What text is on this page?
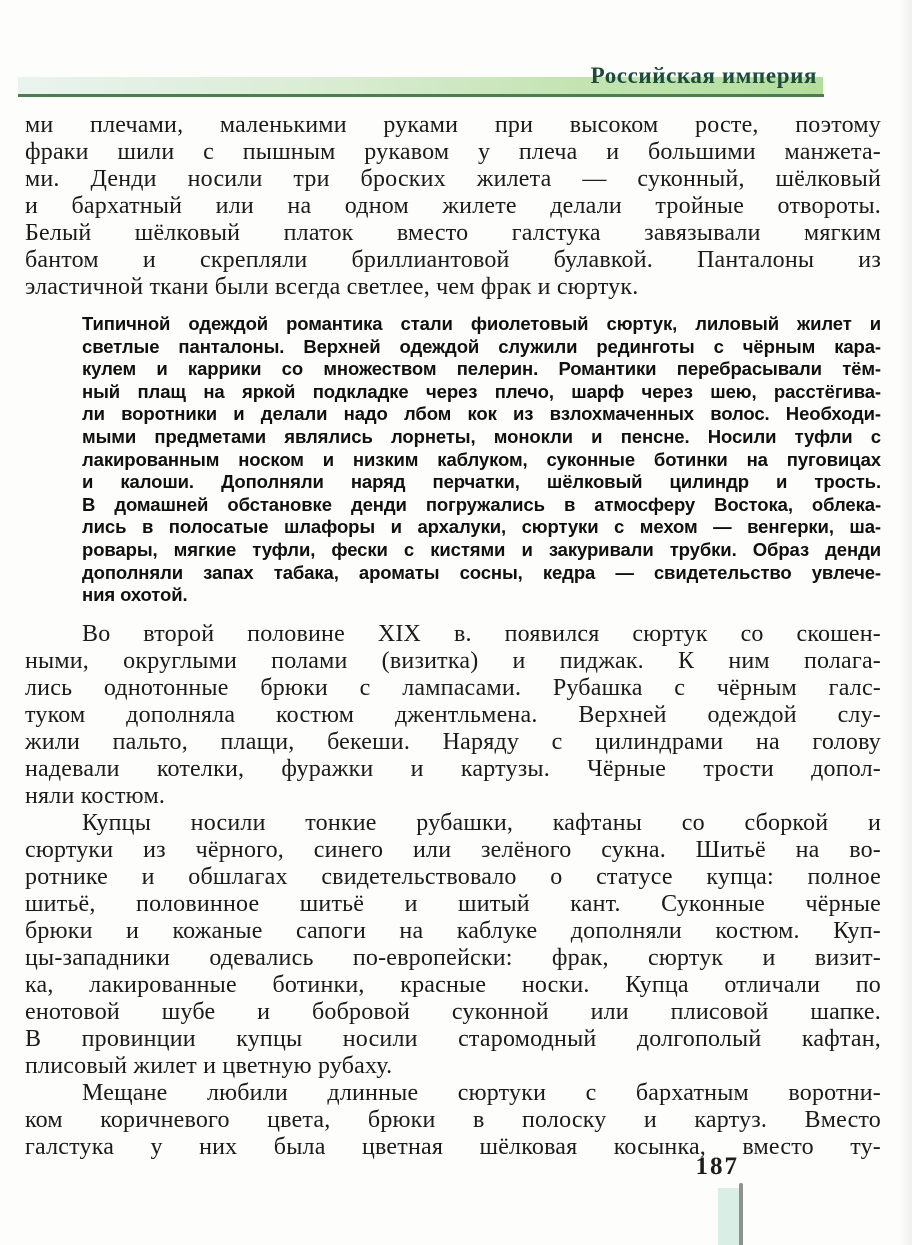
Российская империя
ми плечами, маленькими руками при высоком росте, поэтому
фраки шили с пышным рукавом у плеча и большими манжета-
ми. Денди носили три броских жилета — суконный, шёлковый
и бархатный или на одном жилете делали тройные отвороты.
Белый шёлковый платок вместо галстука завязывали мягким
бантом и скрепляли бриллиантовой булавкой. Панталоны из
эластичной ткани были всегда светлее, чем фрак и сюртук.
Типичной одеждой романтика стали фиолетовый сюртук, лиловый жилет и
светлые панталоны. Верхней одеждой служили рединготы с чёрным кара-
кулем и каррики со множеством пелерин. Романтики перебрасывали тём-
ный плащ на яркой подкладке через плечо, шарф через шею, расстёгива-
ли воротники и делали надо лбом кок из взлохмаченных волос. Необходи-
мыми предметами являлись лорнеты, монокли и пенсне. Носили туфли с
лакированным носком и низким каблуком, суконные ботинки на пуговицах
и калоши. Дополняли наряд перчатки, шёлковый цилиндр и трость.
В домашней обстановке денди погружались в атмосферу Востока, облека-
лись в полосатые шлафоры и архалуки, сюртуки с мехом — венгерки, ша-
ровары, мягкие туфли, фески с кистями и закуривали трубки. Образ денди
дополняли запах табака, ароматы сосны, кедра — свидетельство увлече-
ния охотой.
Во второй половине XIX в. появился сюртук со скошен-
ными, округлыми полами (визитка) и пиджак. К ним полага-
лись однотонные брюки с лампасами. Рубашка с чёрным галс-
туком дополняла костюм джентльмена. Верхней одеждой слу-
жили пальто, плащи, бекеши. Наряду с цилиндрами на голову
надевали котелки, фуражки и картузы. Чёрные трости допол-
няли костюм.
Купцы носили тонкие рубашки, кафтаны со сборкой и
сюртуки из чёрного, синего или зелёного сукна. Шитьё на во-
ротнике и обшлагах свидетельствовало о статусе купца: полное
шитьё, половинное шитьё и шитый кант. Суконные чёрные
брюки и кожаные сапоги на каблуке дополняли костюм. Куп-
цы-западники одевались по-европейски: фрак, сюртук и визит-
ка, лакированные ботинки, красные носки. Купца отличали по
енотовой шубе и бобровой суконной или плисовой шапке.
В провинции купцы носили старомодный долгополый кафтан,
плисовый жилет и цветную рубаху.
Мещане любили длинные сюртуки с бархатным воротни-
ком коричневого цвета, брюки в полоску и картуз. Вместо
галстука у них была цветная шёлковая косынка, вместо ту-
187
